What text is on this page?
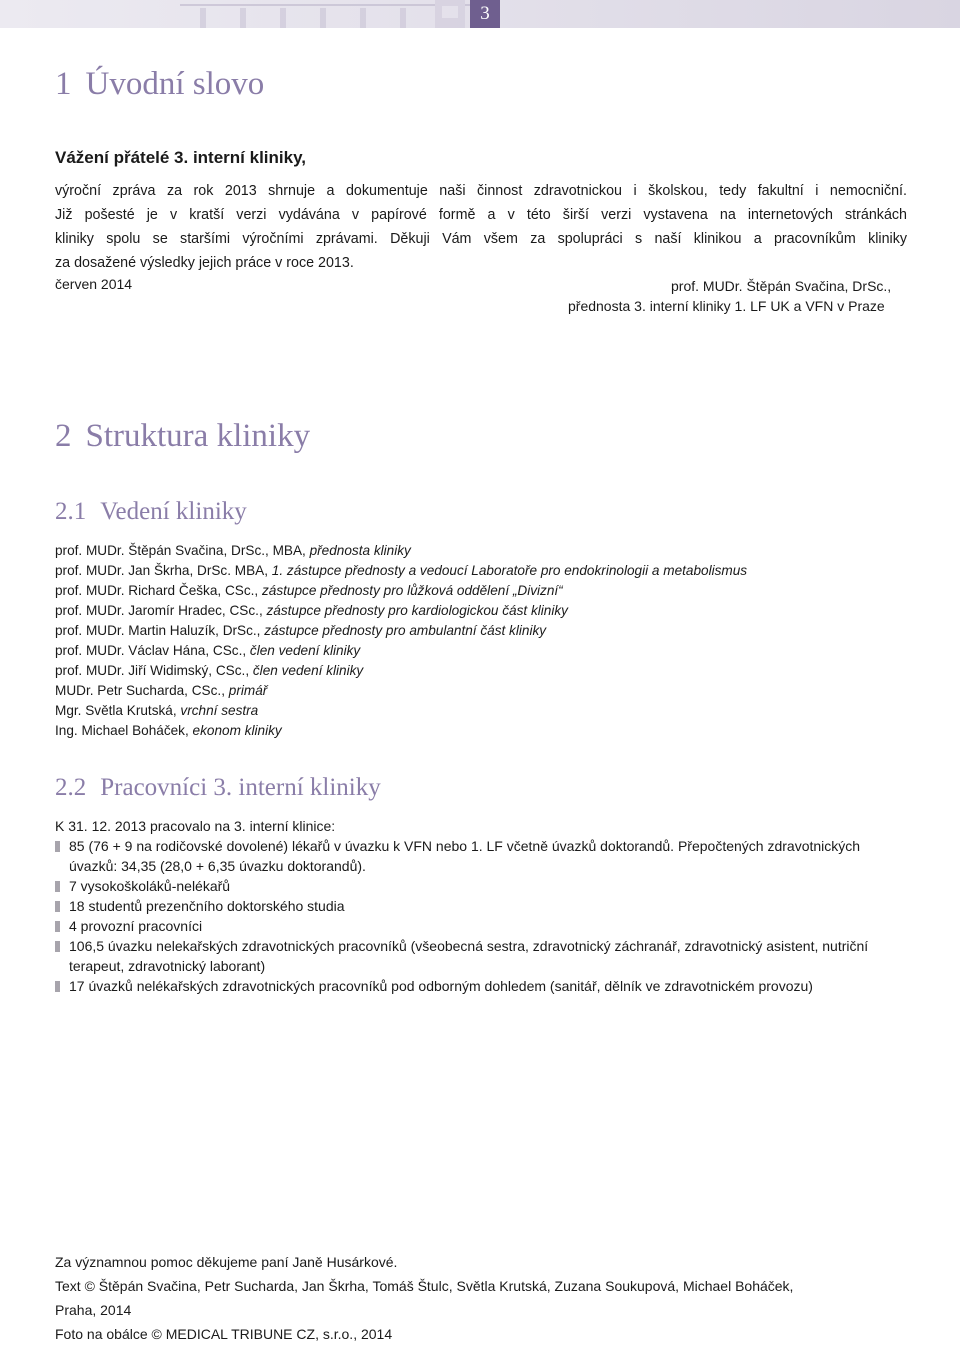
3
1 Úvodní slovo

Vážení přátelé 3. interní kliniky,

výroční zpráva za rok 2013 shrnuje a dokumentuje naši činnost zdravotnickou i školskou, tedy fakultní i nemocniční.
Již pošesté je v kratší verzi vydávána v papírové formě a v této širší verzi vystavena na internetových stránkách
kliniky spolu se staršími výročními zprávami. Děkuji Vám všem za spolupráci s naší klinikou a pracovníkům kliniky
za dosažené výsledky jejich práce v roce 2013.

červen 2014	prof. MUDr. Štěpán Svačina, DrSc.,
přednosta 3. interní kliniky 1. LF UK a VFN v Praze
2 Struktura kliniky
2.1 Vedení kliniky
prof. MUDr. Štěpán Svačina, DrSc., MBA, přednosta kliniky
prof. MUDr. Jan Škrha, DrSc. MBA, 1. zástupce přednosty a vedoucí Laboratoře pro endokrinologii a metabolismus
prof. MUDr. Richard Češka, CSc., zástupce přednosty pro lůžková oddělení „Divizní“
prof. MUDr. Jaromír Hradec, CSc., zástupce přednosty pro kardiologickou část kliniky
prof. MUDr. Martin Haluzík, DrSc., zástupce přednosty pro ambulantní část kliniky
prof. MUDr. Václav Hána, CSc., člen vedení kliniky
prof. MUDr. Jiří Widimský, CSc., člen vedení kliniky
MUDr. Petr Sucharda, CSc., primář
Mgr. Světla Krutská, vrchní sestra
Ing. Michael Boháček, ekonom kliniky
2.2 Pracovníci 3. interní kliniky
K 31. 12. 2013 pracovalo na 3. interní klinice:
85 (76 + 9 na rodičovské dovolené) lékařů v úvazku k VFN nebo 1. LF včetně úvazků doktorandů. Přepočtených zdravotnických úvazků: 34,35 (28,0 + 6,35 úvazku doktorandů).
7 vysokoškoláků-nelékařů
18 studentů prezenčního doktorského studia
4 provozní pracovníci
106,5 úvazku nelekařských zdravotnických pracovníků (všeobecná sestra, zdravotnický záchranář, zdravotnický asistent, nutriční terapeut, zdravotnický laborant)
17 úvazků nelékařských zdravotnických pracovníků pod odborným dohledem (sanitář, dělník ve zdravotnickém provozu)
Za významnou pomoc děkujeme paní Janě Husárkové.
Text © Štěpán Svačina, Petr Sucharda, Jan Škrha, Tomáš Štulc, Světla Krutská, Zuzana Soukupová, Michael Boháček,
Praha, 2014
Foto na obálce © MEDICAL TRIBUNE CZ, s.r.o., 2014
